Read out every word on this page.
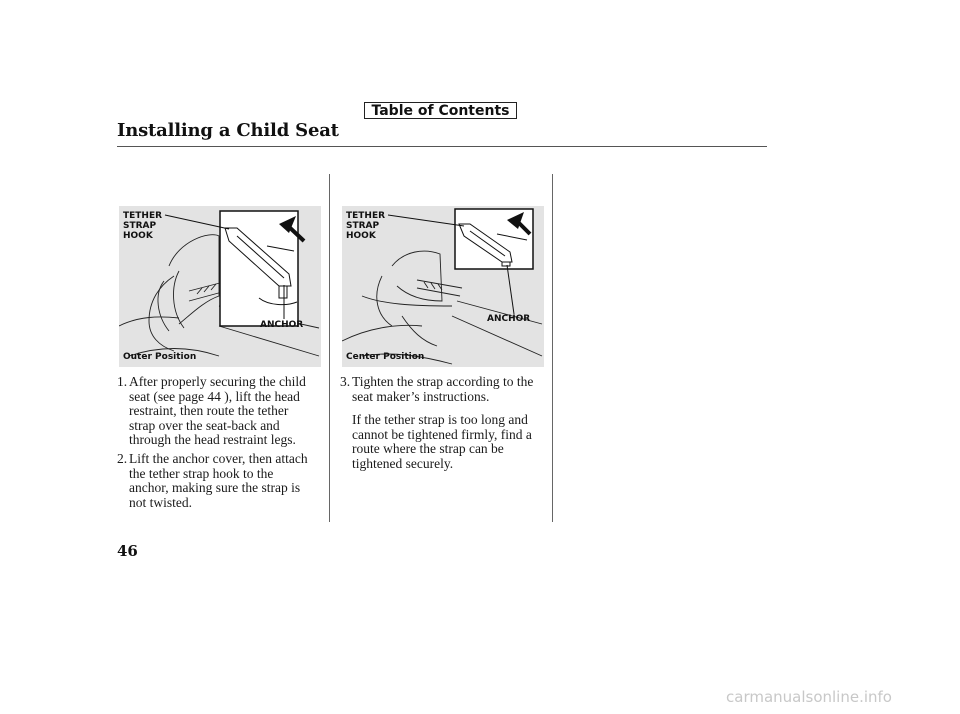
Table of Contents
Installing a Child Seat
TETHER
STRAP
HOOK
ANCHOR
Outer Position
TETHER
STRAP
HOOK
ANCHOR
Center Position
1. After properly securing the child
seat (see page 44 ), lift the head
restraint, then route the tether
strap over the seat-back and
through the head restraint legs.
2. Lift the anchor cover, then attach
the tether strap hook to the
anchor, making sure the strap is
not twisted.
3. Tighten the strap according to the
seat maker’s instructions.
If the tether strap is too long and
cannot be tightened firmly, find a
route where the strap can be
tightened securely.
46
carmanualsonline.info
